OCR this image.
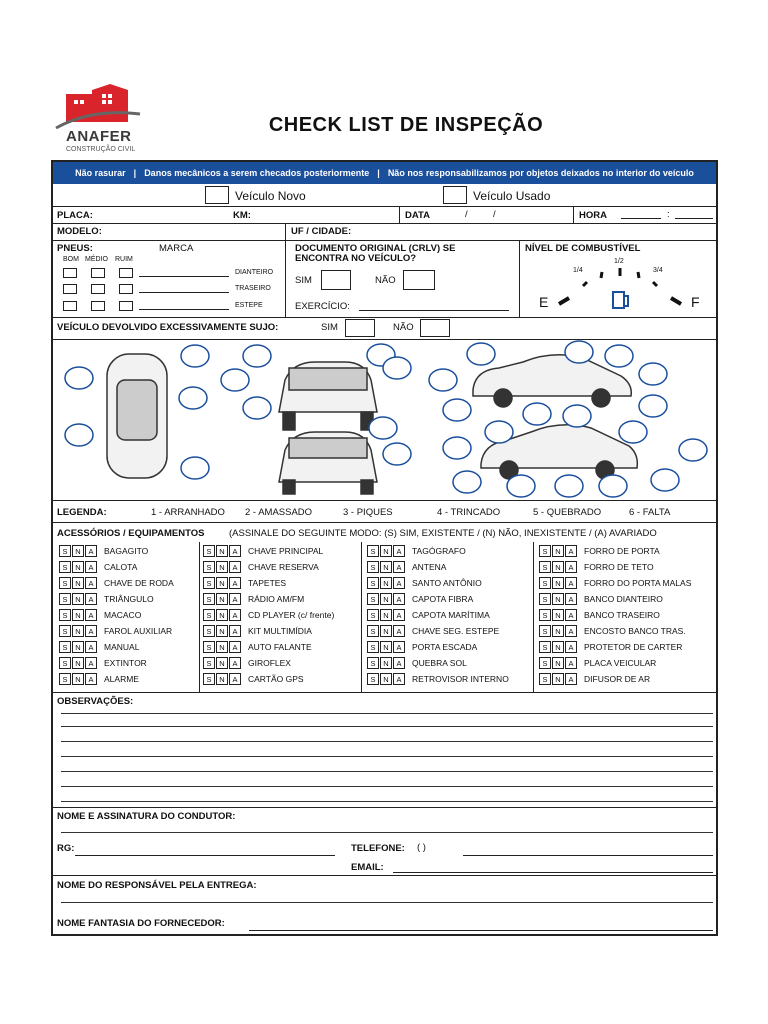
ANAFER
CONSTRUÇÃO CIVIL
CHECK LIST DE INSPEÇÃO
Não rasurar | Danos mecânicos a serem checados posteriormente | Não nos responsabilizamos por objetos deixados no interior do veículo
Veículo Novo	Veículo Usado
PLACA:	KM:	DATA	/	/	HORA	:
MODELO:	UF / CIDADE:
PNEUS:	MARCA
BOM MÉDIO RUIM
DIANTEIRO
TRASEIRO
ESTEPE
DOCUMENTO ORIGINAL (CRLV) SE
ENCONTRA NO VEÍCULO?
SIM	NÃO
EXERCÍCIO:
NÍVEL DE COMBUSTÍVEL
1/4
1/2
3/4
E	F
VEÍCULO DEVOLVIDO EXCESSIVAMENTE SUJO:	SIM	NÃO
LEGENDA:	1 - ARRANHADO 2 - AMASSADO	3 - PIQUES	4 - TRINCADO	5 - QUEBRADO	6 - FALTA
ACESSÓRIOS / EQUIPAMENTOS	(ASSINALE DO SEGUINTE MODO: (S) SIM, EXISTENTE / (N) NÃO, INEXISTENTE / (A) AVARIADO
S	N	A	BAGAGITO
S	N	A	CALOTA
S	N	A	CHAVE DE RODA
S	N	A	TRIÂNGULO
S	N	A	MACACO
S	N	A	FAROL AUXILIAR
S	N	A	MANUAL
S	N	A	EXTINTOR
S	N	A	ALARME
S	N	A	CHAVE PRINCIPAL
S	N	A	CHAVE RESERVA
S	N	A	TAPETES
S	N	A	RÁDIO AM/FM
S	N	A	CD PLAYER (c/ frente)
S	N	A	KIT MULTIMÍDIA
S	N	A	AUTO FALANTE
S	N	A	GIROFLEX
S	N	A	CARTÃO GPS
S	N	A	TAGÓGRAFO
S	N	A	ANTENA
S	N	A	SANTO ANTÔNIO
S	N	A	CAPOTA FIBRA
S	N	A	CAPOTA MARÍTIMA
S	N	A	CHAVE SEG. ESTEPE
S	N	A	PORTA ESCADA
S	N	A	QUEBRA SOL
S	N	A	RETROVISOR INTERNO
S	N	A	FORRO DE PORTA
S	N	A	FORRO DE TETO
S	N	A	FORRO DO PORTA MALAS
S	N	A	BANCO DIANTEIRO
S	N	A	BANCO TRASEIRO
S	N	A	ENCOSTO BANCO TRAS.
S	N	A	PROTETOR DE CARTER
S	N	A	PLACA VEICULAR
S	N	A	DIFUSOR DE AR
OBSERVAÇÕES:
NOME E ASSINATURA DO CONDUTOR:
RG:	TELEFONE: ( )
EMAIL:
NOME DO RESPONSÁVEL PELA ENTREGA:
NOME FANTASIA DO FORNECEDOR:
